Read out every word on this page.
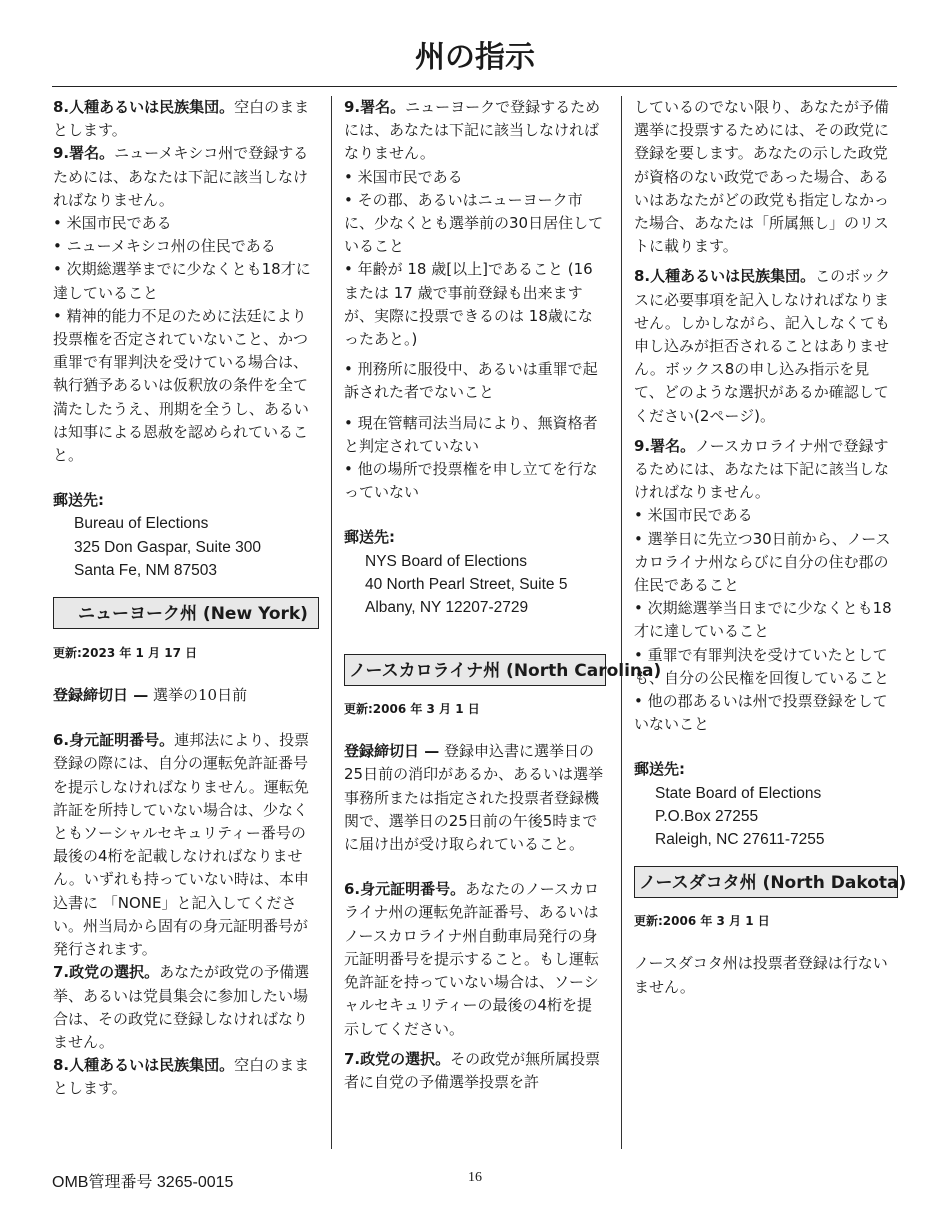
州の指示

8.人種あるいは民族集団。空白のままとします。

9.署名。ニューメキシコ州で登録するためには、あなたは下記に該当しなければなりません。

• 米国市民である

• ニューメキシコ州の住民である

• 次期総選挙までに少なくとも18才に達していること

• 精神的能力不足のために法廷により投票権を否定されていないこと、かつ重罪で有罪判決を受けている場合は、執行猶予あるいは仮釈放の条件を全て満たしたうえ、刑期を全うし、あるいは知事による恩赦を認められていること。

郵送先:

Bureau of Elections

325 Don Gaspar, Suite 300

Santa Fe, NM 87503

ニューヨーク州 (New York)

更新:2023 年 1 月 17 日

登録締切日 — 選挙の10日前

6.身元証明番号。連邦法により、投票登録の際には、自分の運転免許証番号を提示しなければなりません。運転免許証を所持していない場合は、少なくともソーシャルセキュリティー番号の最後の4桁を記載しなければなりません。いずれも持っていない時は、本申込書に 「NONE」と記入してください。州当局から固有の身元証明番号が発行されます。

7.政党の選択。あなたが政党の予備選挙、あるいは党員集会に参加したい場合は、その政党に登録しなければなりません。

8.人種あるいは民族集団。空白のままとします。

9.署名。ニューヨークで登録するためには、あなたは下記に該当しなければなりません。

• 米国市民である

• その郡、あるいはニューヨーク市に、少なくとも選挙前の30日居住していること

• 年齢が 18 歳[以上]であること (16 または 17 歳で事前登録も出来ますが、実際に投票できるのは 18歳になったあと。)

• 刑務所に服役中、あるいは重罪で起訴された者でないこと

• 現在管轄司法当局により、無資格者と判定されていない

• 他の場所で投票権を申し立てを行なっていない

郵送先:

NYS Board of Elections

40 North Pearl Street, Suite 5

Albany, NY 12207-2729

ノースカロライナ州 (North Carolina)

更新:2006 年 3 月 1 日

登録締切日 — 登録申込書に選挙日の25日前の消印があるか、あるいは選挙事務所または指定された投票者登録機関で、選挙日の25日前の午後5時までに届け出が受け取られていること。

6.身元証明番号。あなたのノースカロライナ州の運転免許証番号、あるいはノースカロライナ州自動車局発行の身元証明番号を提示すること。もし運転免許証を持っていない場合は、ソーシャルセキュリティーの最後の4桁を提示してください。

7.政党の選択。その政党が無所属投票者に自党の予備選挙投票を許

しているのでない限り、あなたが予備選挙に投票するためには、その政党に登録を要します。あなたの示した政党が資格のない政党であった場合、あるいはあなたがどの政党も指定しなかった場合、あなたは「所属無し」のリストに載ります。

8.人種あるいは民族集団。このボックスに必要事項を記入しなければなりません。しかしながら、記入しなくても申し込みが拒否されることはありません。ボックス8の申し込み指示を見て、どのような選択があるか確認してください(2ページ)。

9.署名。ノースカロライナ州で登録するためには、あなたは下記に該当しなければなりません。

• 米国市民である

• 選挙日に先立つ30日前から、ノースカロライナ州ならびに自分の住む郡の住民であること

• 次期総選挙当日までに少なくとも18才に達していること

• 重罪で有罪判決を受けていたとしても、自分の公民権を回復していること

• 他の郡あるいは州で投票登録をしていないこと

郵送先:

State Board of Elections

P.O.Box 27255

Raleigh, NC 27611-7255

ノースダコタ州 (North Dakota)

更新:2006 年 3 月 1 日

ノースダコタ州は投票者登録は行ないません。

OMB管理番号 3265-0015	16
